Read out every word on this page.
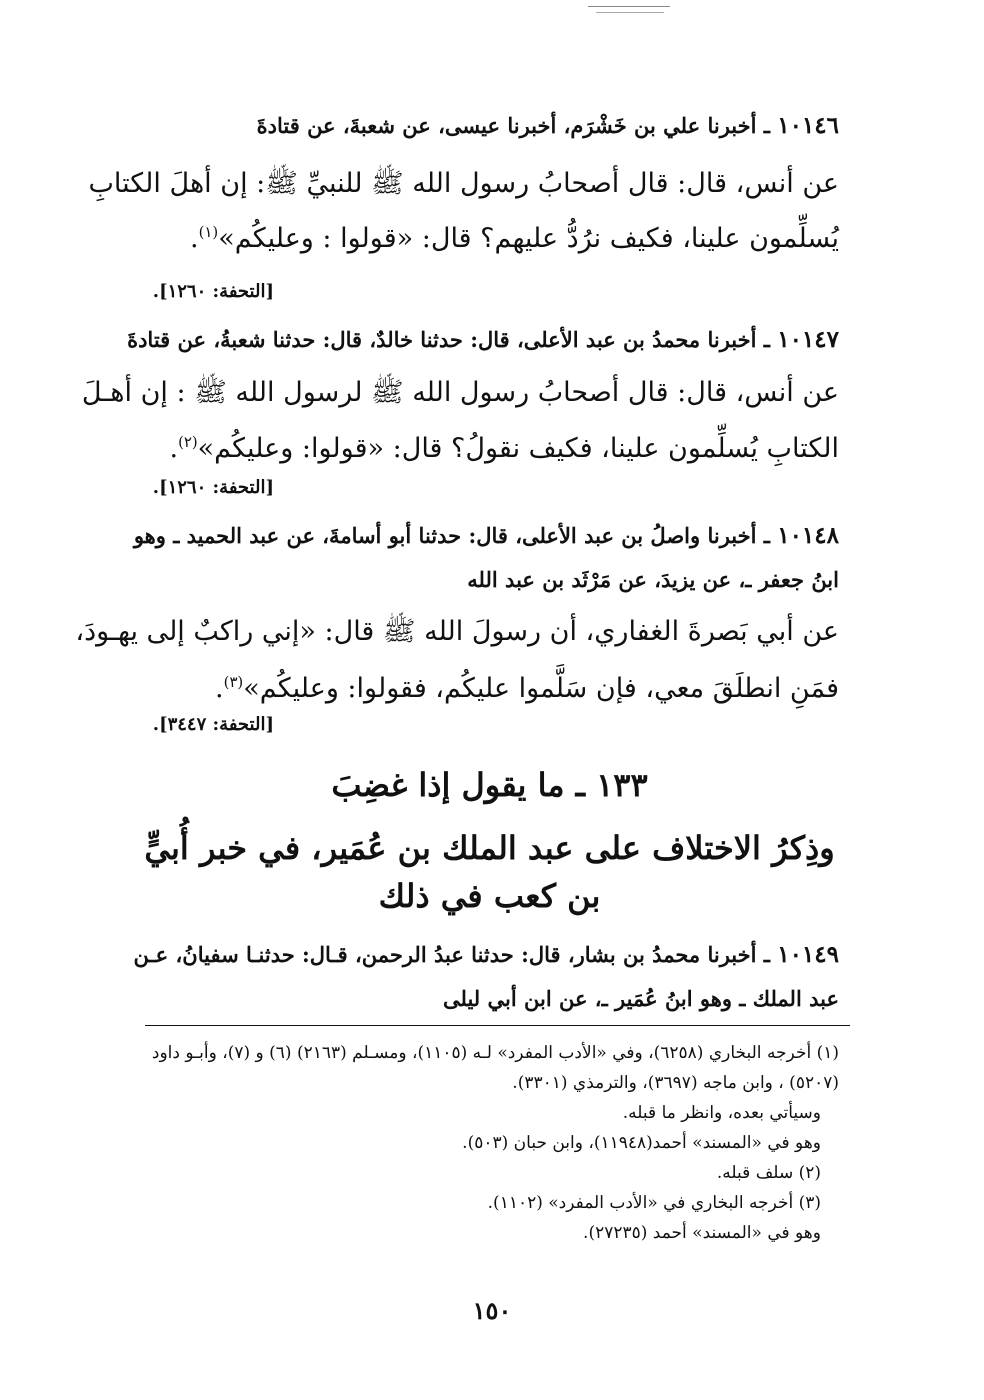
١٠١٤٦ ـ أخبرنا علي بن خَشْرَم، أخبرنا عيسى، عن شعبةَ، عن قتادةَ
عن أنس، قال: قال أصحابُ رسول الله ﷺ للنبيِّ ﷺ: إن أهلَ الكتابِ
يُسلِّمون علينا، فكيف نرُدُّ عليهم؟ قال: «قولوا : وعليكُم»$^{(١)}$.
[التحفة: ١٢٦٠].
١٠١٤٧ ـ أخبرنا محمدُ بن عبد الأعلى، قال: حدثنا خالدٌ، قال: حدثنا شعبةُ، عن قتادةَ
عن أنس، قال: قال أصحابُ رسول الله ﷺ لرسول الله ﷺ : إن أهـلَ
الكتابِ يُسلِّمون علينا، فكيف نقولُ؟ قال: «قولوا: وعليكُم»$^{(٢)}$.
[التحفة: ١٢٦٠].
١٠١٤٨ ـ أخبرنا واصلُ بن عبد الأعلى، قال: حدثنا أبو أسامةَ، عن عبد الحميد ـ وهو
ابنُ جعفر ـ، عن يزيدَ، عن مَرْثَد بن عبد الله
عن أبي بَصرةَ الغفاري، أن رسولَ الله ﷺ قال: «إني راكبٌ إلى يهـودَ،
فمَنِ انطلَقَ معي، فإن سَلَّموا عليكُم، فقولوا: وعليكُم»$^{(٣)}$.
[التحفة: ٣٤٤٧].
١٣٣ ـ ما يقول إذا غضِبَ
وذِكرُ الاختلاف على عبد الملك بن عُمَير، في خبر أُبيٍّ بن كعب في ذلك
١٠١٤٩ ـ أخبرنا محمدُ بن بشار، قال: حدثنا عبدُ الرحمن، قـال: حدثنـا سفيانُ، عـن
عبد الملك ـ وهو ابنُ عُمَير ـ، عن ابن أبي ليلى
(١) أخرجه البخاري (٦٢٥٨)، وفي «الأدب المفرد» لـه (١١٠٥)، ومسـلم (٢١٦٣) (٦) و (٧)، وأبـو داود
(٥٢٠٧) ، وابن ماجه (٣٦٩٧)، والترمذي (٣٣٠١).
وسيأتي بعده، وانظر ما قبله.
وهو في «المسند» أحمد(١١٩٤٨)، وابن حبان (٥٠٣).
(٢) سلف قبله.
(٣) أخرجه البخاري في «الأدب المفرد» (١١٠٢).
وهو في «المسند» أحمد (٢٧٢٣٥).
١٥٠
